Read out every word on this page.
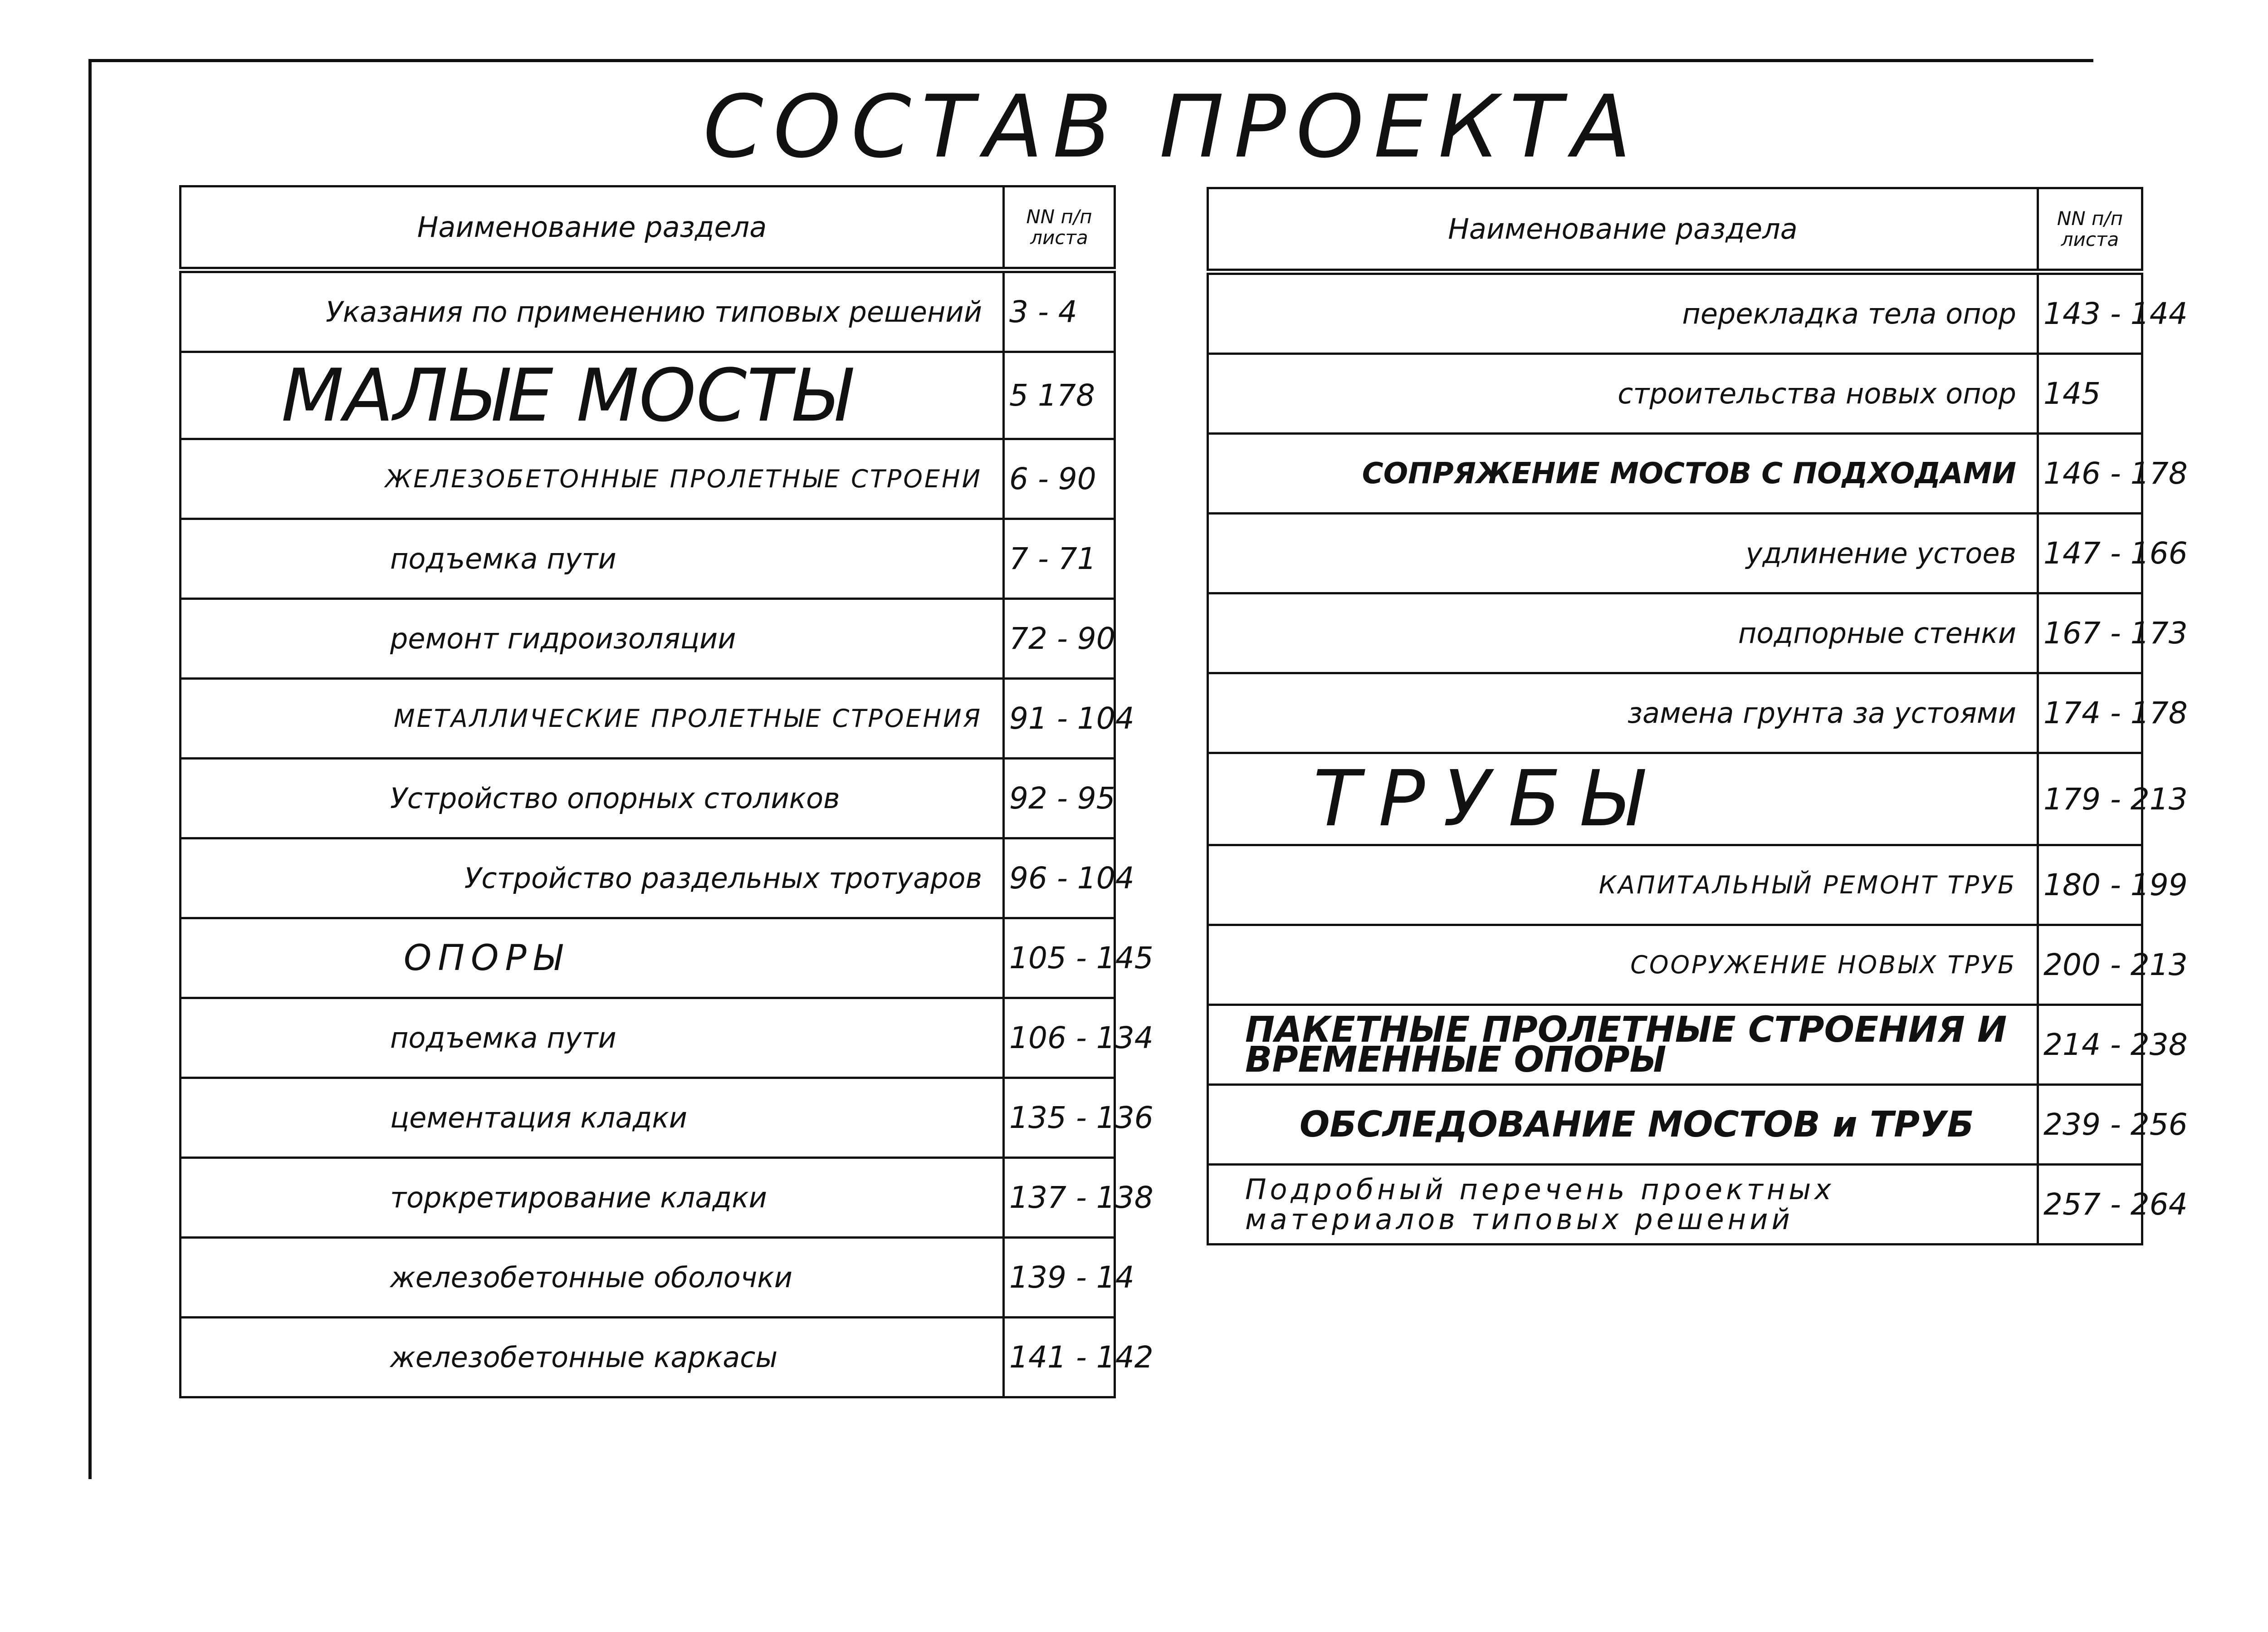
СОСТАВ ПРОЕКТА
Наименование раздела	NN п/п листа
Указания по применению типовых решений	3 - 4
МАЛЫЕ МОСТЫ	5 178
ЖЕЛЕЗОБЕТОННЫЕ ПРОЛЕТНЫЕ СТРОЕНИ	6 - 90
подъемка пути	7 - 71
ремонт гидроизоляции	72 - 90
МЕТАЛЛИЧЕСКИЕ ПРОЛЕТНЫЕ СТРОЕНИЯ	91 - 104
Устройство опорных столиков	92 - 95
Устройство раздельных тротуаров	96 - 104
ОПОРЫ	105 - 145
подъемка пути	106 - 134
цементация кладки	135 - 136
торкретирование кладки	137 - 138
железобетонные оболочки	139 - 14
железобетонные каркасы	141 - 142
Наименование раздела	NN п/п листа
перекладка тела опор	143 - 144
строительства новых опор	145
СОПРЯЖЕНИЕ МОСТОВ С ПОДХОДАМИ	146 - 178
удлинение устоев	147 - 166
подпорные стенки	167 - 173
замена грунта за устоями	174 - 178
ТРУБЫ	179 - 213
КАПИТАЛЬНЫЙ РЕМОНТ ТРУБ	180 - 199
СООРУЖЕНИЕ НОВЫХ ТРУБ	200 - 213
ПАКЕТНЫЕ ПРОЛЕТНЫЕ СТРОЕНИЯ И ВРЕМЕННЫЕ ОПОРЫ	214 - 238
ОБСЛЕДОВАНИЕ МОСТОВ и ТРУБ	239 - 256
Подробный перечень проектных материалов типовых решений	257 - 264
